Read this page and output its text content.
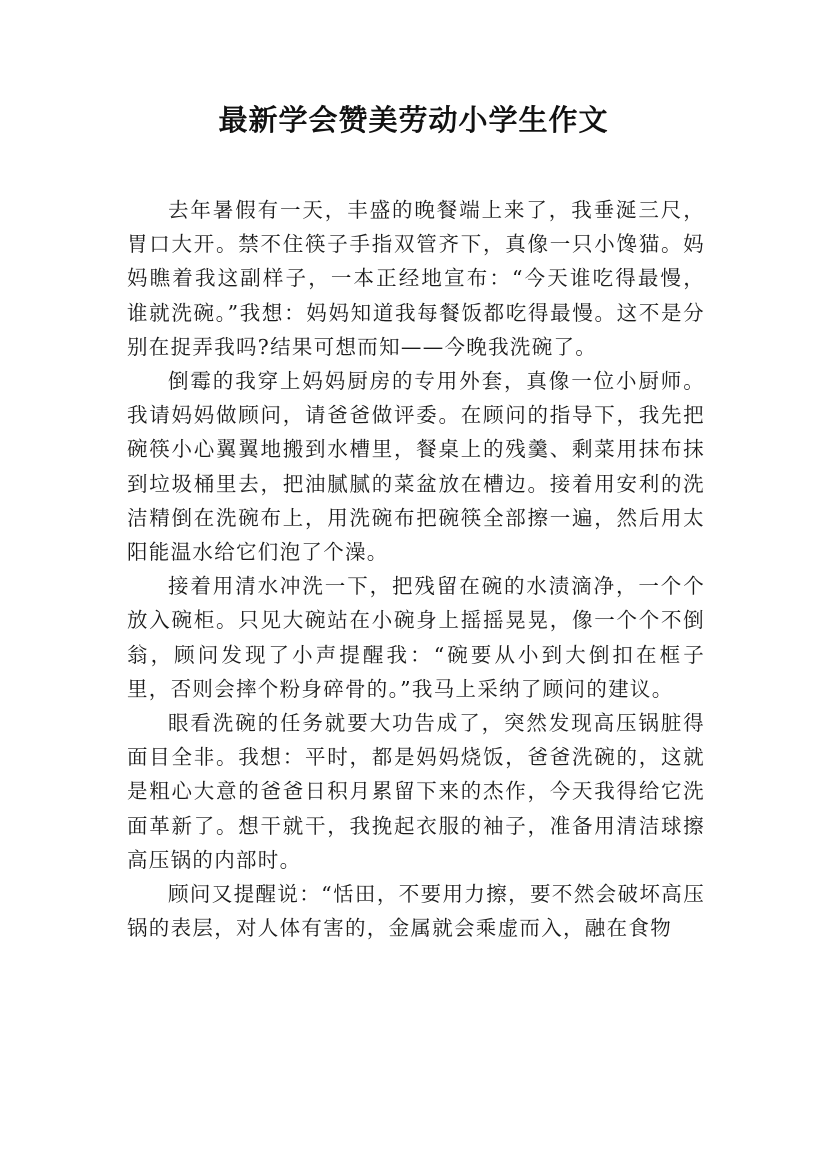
最新学会赞美劳动小学生作文

去年暑假有一天，丰盛的晚餐端上来了，我垂涎三尺，胃口大开。禁不住筷子手指双管齐下，真像一只小馋猫。妈妈瞧着我这副样子，一本正经地宣布：“今天谁吃得最慢，谁就洗碗。”我想：妈妈知道我每餐饭都吃得最慢。这不是分别在捉弄我吗?结果可想而知——今晚我洗碗了。

倒霉的我穿上妈妈厨房的专用外套，真像一位小厨师。我请妈妈做顾问，请爸爸做评委。在顾问的指导下，我先把碗筷小心翼翼地搬到水槽里，餐桌上的残羹、剩菜用抹布抹到垃圾桶里去，把油腻腻的菜盆放在槽边。接着用安利的洗洁精倒在洗碗布上，用洗碗布把碗筷全部擦一遍，然后用太阳能温水给它们泡了个澡。

接着用清水冲洗一下，把残留在碗的水渍滴净，一个个放入碗柜。只见大碗站在小碗身上摇摇晃晃，像一个个不倒翁，顾问发现了小声提醒我：“碗要从小到大倒扣在框子里，否则会摔个粉身碎骨的。”我马上采纳了顾问的建议。

眼看洗碗的任务就要大功告成了，突然发现高压锅脏得面目全非。我想：平时，都是妈妈烧饭，爸爸洗碗的，这就是粗心大意的爸爸日积月累留下来的杰作，今天我得给它洗面革新了。想干就干，我挽起衣服的袖子，准备用清洁球擦高压锅的内部时。

顾问又提醒说：“恬田，不要用力擦，要不然会破坏高压锅的表层，对人体有害的，金属就会乘虚而入，融在食物
